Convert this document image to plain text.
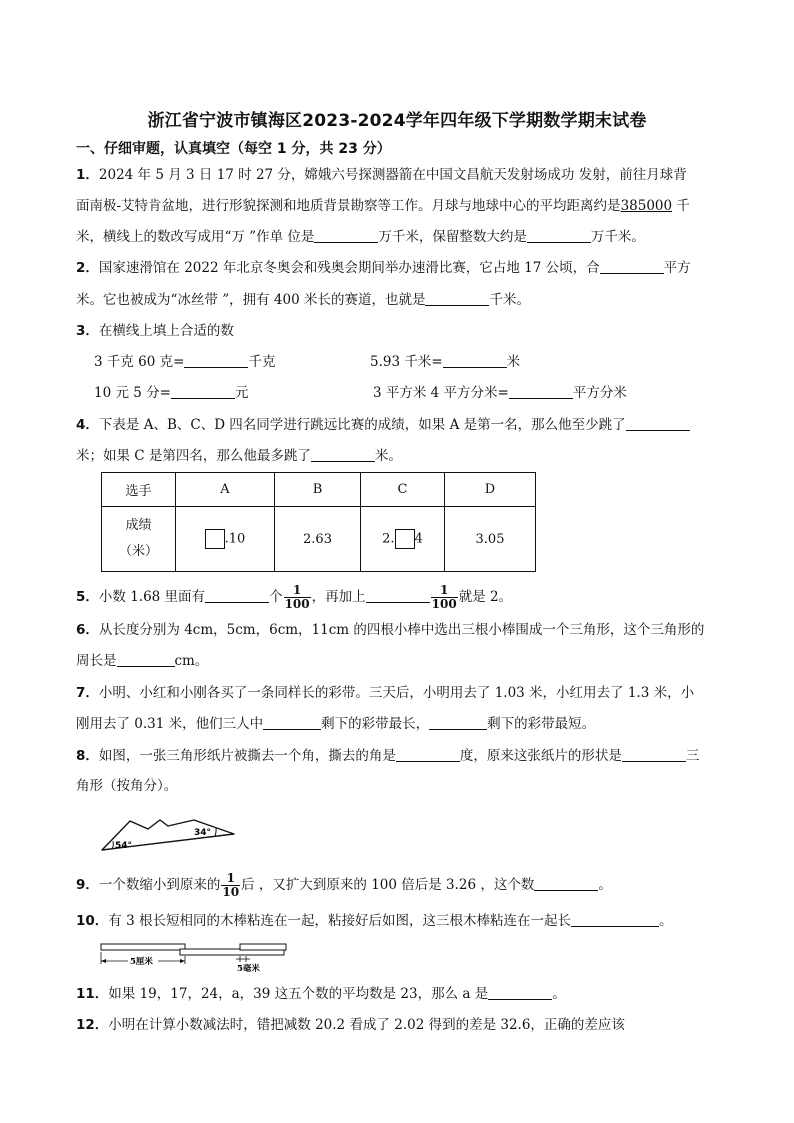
浙江省宁波市镇海区2023-2024学年四年级下学期数学期末试卷
一、仔细审题，认真填空（每空 1 分，共 23 分）
1．2024 年 5 月 3 日 17 时 27 分，嫦娥六号探测器箭在中国文昌航天发射场成功 发射，前往月球背
面南极-艾特肯盆地，进行形貌探测和地质背景勘察等工作。月球与地球中心的平均距离约是385000 千
米，横线上的数改写成用“万 ”作单 位是	万千米，保留整数大约是	万千米。
2．国家速滑馆在 2022 年北京冬奥会和残奥会期间举办速滑比赛，它占地 17 公顷，合	平方
米。它也被成为“冰丝带 ”，拥有 400 米长的赛道，也就是	千米。
3．在横线上填上合适的数
3 千克 60 克=	千克	5.93 千米=	米
10 元 5 分=	元	3 平方米 4 平方分米=	平方分米
4．下表是 A、B、C、D 四名同学进行跳远比赛的成绩，如果 A 是第一名，那么他至少跳了
米；如果 C 是第四名，那么他最多跳了	米。
选手	A	B	C	D

成绩
（米）	.10	2.63	2. 4	3.05
5．小数 1.68 里面有	个 $\frac{1}{100}$ ，再加上	$\frac{1}{100}$ 就是 2。
6．从长度分别为 4cm，5cm，6cm，11cm 的四根小棒中选出三根小棒围成一个三角形，这个三角形的
周长是	cm。
7．小明、小红和小刚各买了一条同样长的彩带。三天后，小明用去了 1.03 米，小红用去了 1.3 米，小
刚用去了 0.31 米，他们三人中	剩下的彩带最长，	剩下的彩带最短。
8．如图，一张三角形纸片被撕去一个角，撕去的角是	度，原来这张纸片的形状是	三
角形（按角分）。
54°
34°
9．一个数缩小到原来的 $\frac{1}{10}$ 后 ，又扩大到原来的 100 倍后是 3.26 ，这个数	。
10．有 3 根长短相同的木棒粘连在一起，粘接好后如图，这三根木棒粘连在一起长	。
5厘米
5毫米
11．如果 19，17，24，a，39 这五个数的平均数是 23，那么 a 是	。
12．小明在计算小数减法时，错把减数 20.2 看成了 2.02 得到的差是 32.6，正确的差应该
